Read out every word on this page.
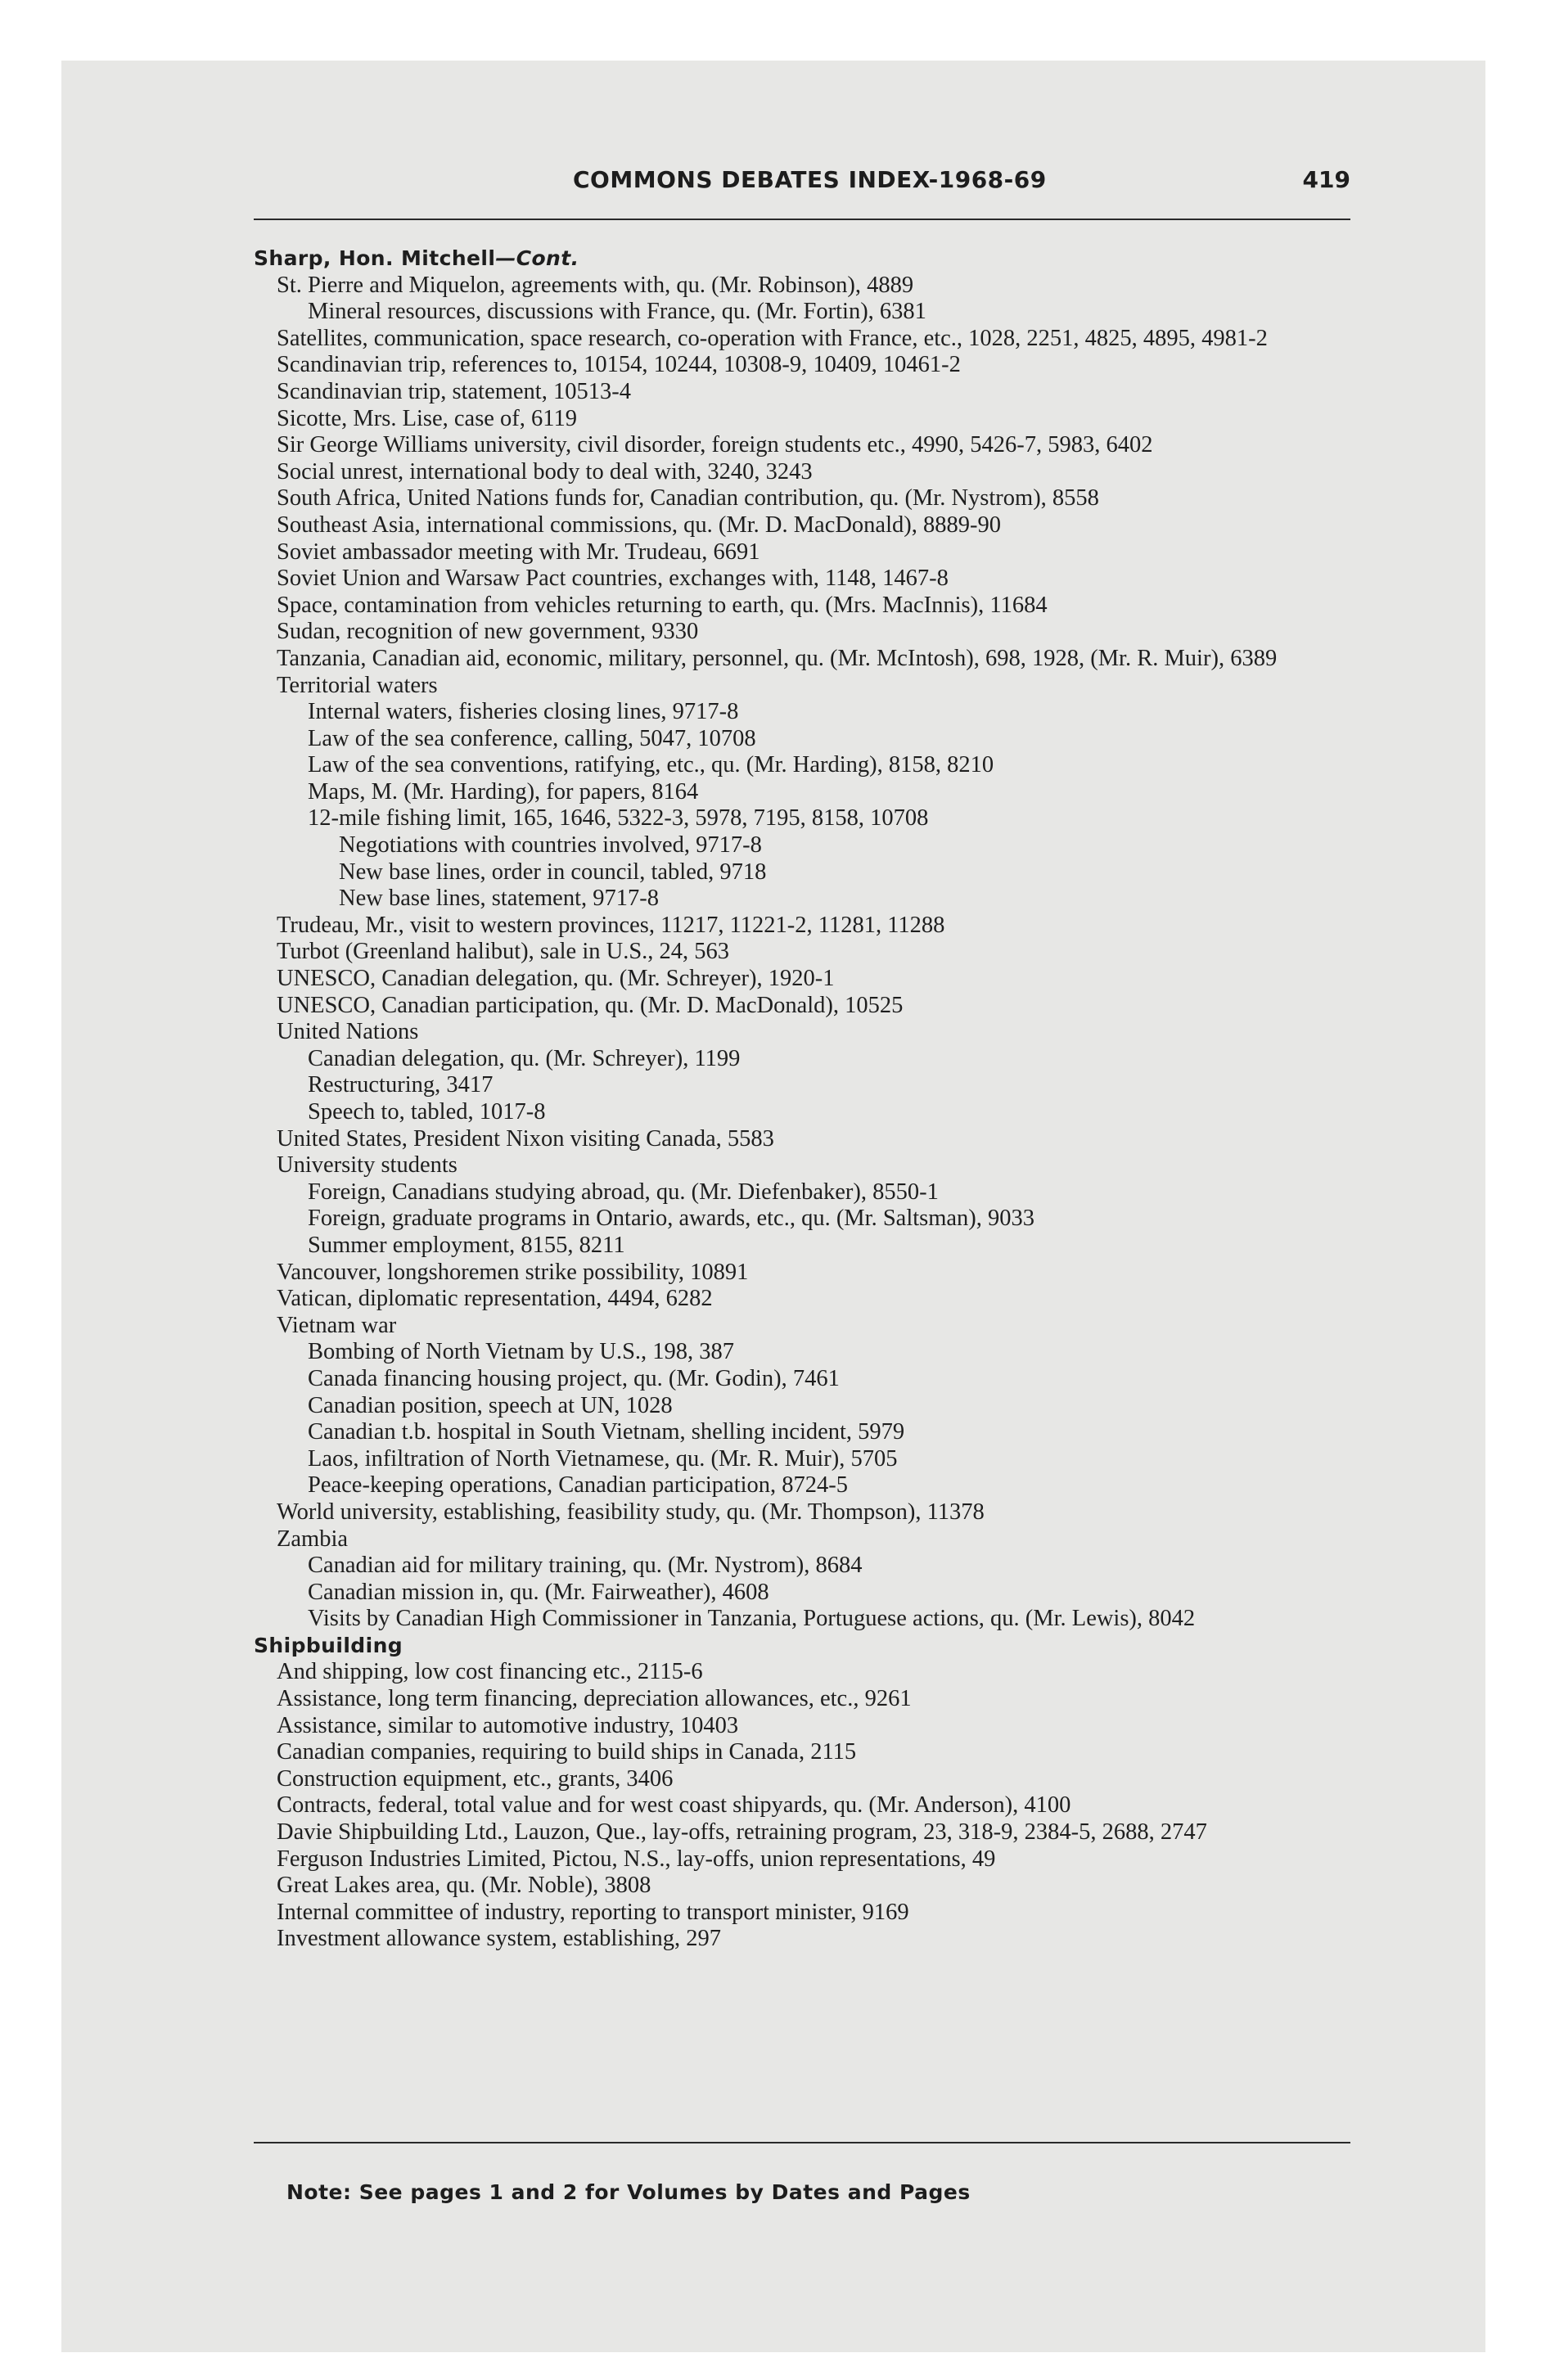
COMMONS DEBATES INDEX-1968-69	419
Sharp, Hon. Mitchell—Cont.
St. Pierre and Miquelon, agreements with, qu. (Mr. Robinson), 4889
Mineral resources, discussions with France, qu. (Mr. Fortin), 6381
Satellites, communication, space research, co-operation with France, etc., 1028, 2251, 4825, 4895, 4981-2
Scandinavian trip, references to, 10154, 10244, 10308-9, 10409, 10461-2
Scandinavian trip, statement, 10513-4
Sicotte, Mrs. Lise, case of, 6119
Sir George Williams university, civil disorder, foreign students etc., 4990, 5426-7, 5983, 6402
Social unrest, international body to deal with, 3240, 3243
South Africa, United Nations funds for, Canadian contribution, qu. (Mr. Nystrom), 8558
Southeast Asia, international commissions, qu. (Mr. D. MacDonald), 8889-90
Soviet ambassador meeting with Mr. Trudeau, 6691
Soviet Union and Warsaw Pact countries, exchanges with, 1148, 1467-8
Space, contamination from vehicles returning to earth, qu. (Mrs. MacInnis), 11684
Sudan, recognition of new government, 9330
Tanzania, Canadian aid, economic, military, personnel, qu. (Mr. McIntosh), 698, 1928, (Mr. R. Muir), 6389
Territorial waters
Internal waters, fisheries closing lines, 9717-8
Law of the sea conference, calling, 5047, 10708
Law of the sea conventions, ratifying, etc., qu. (Mr. Harding), 8158, 8210
Maps, M. (Mr. Harding), for papers, 8164
12-mile fishing limit, 165, 1646, 5322-3, 5978, 7195, 8158, 10708
Negotiations with countries involved, 9717-8
New base lines, order in council, tabled, 9718
New base lines, statement, 9717-8
Trudeau, Mr., visit to western provinces, 11217, 11221-2, 11281, 11288
Turbot (Greenland halibut), sale in U.S., 24, 563
UNESCO, Canadian delegation, qu. (Mr. Schreyer), 1920-1
UNESCO, Canadian participation, qu. (Mr. D. MacDonald), 10525
United Nations
Canadian delegation, qu. (Mr. Schreyer), 1199
Restructuring, 3417
Speech to, tabled, 1017-8
United States, President Nixon visiting Canada, 5583
University students
Foreign, Canadians studying abroad, qu. (Mr. Diefenbaker), 8550-1
Foreign, graduate programs in Ontario, awards, etc., qu. (Mr. Saltsman), 9033
Summer employment, 8155, 8211
Vancouver, longshoremen strike possibility, 10891
Vatican, diplomatic representation, 4494, 6282
Vietnam war
Bombing of North Vietnam by U.S., 198, 387
Canada financing housing project, qu. (Mr. Godin), 7461
Canadian position, speech at UN, 1028
Canadian t.b. hospital in South Vietnam, shelling incident, 5979
Laos, infiltration of North Vietnamese, qu. (Mr. R. Muir), 5705
Peace-keeping operations, Canadian participation, 8724-5
World university, establishing, feasibility study, qu. (Mr. Thompson), 11378
Zambia
Canadian aid for military training, qu. (Mr. Nystrom), 8684
Canadian mission in, qu. (Mr. Fairweather), 4608
Visits by Canadian High Commissioner in Tanzania, Portuguese actions, qu. (Mr. Lewis), 8042
Shipbuilding
And shipping, low cost financing etc., 2115-6
Assistance, long term financing, depreciation allowances, etc., 9261
Assistance, similar to automotive industry, 10403
Canadian companies, requiring to build ships in Canada, 2115
Construction equipment, etc., grants, 3406
Contracts, federal, total value and for west coast shipyards, qu. (Mr. Anderson), 4100
Davie Shipbuilding Ltd., Lauzon, Que., lay-offs, retraining program, 23, 318-9, 2384-5, 2688, 2747
Ferguson Industries Limited, Pictou, N.S., lay-offs, union representations, 49
Great Lakes area, qu. (Mr. Noble), 3808
Internal committee of industry, reporting to transport minister, 9169
Investment allowance system, establishing, 297
Note: See pages 1 and 2 for Volumes by Dates and Pages
